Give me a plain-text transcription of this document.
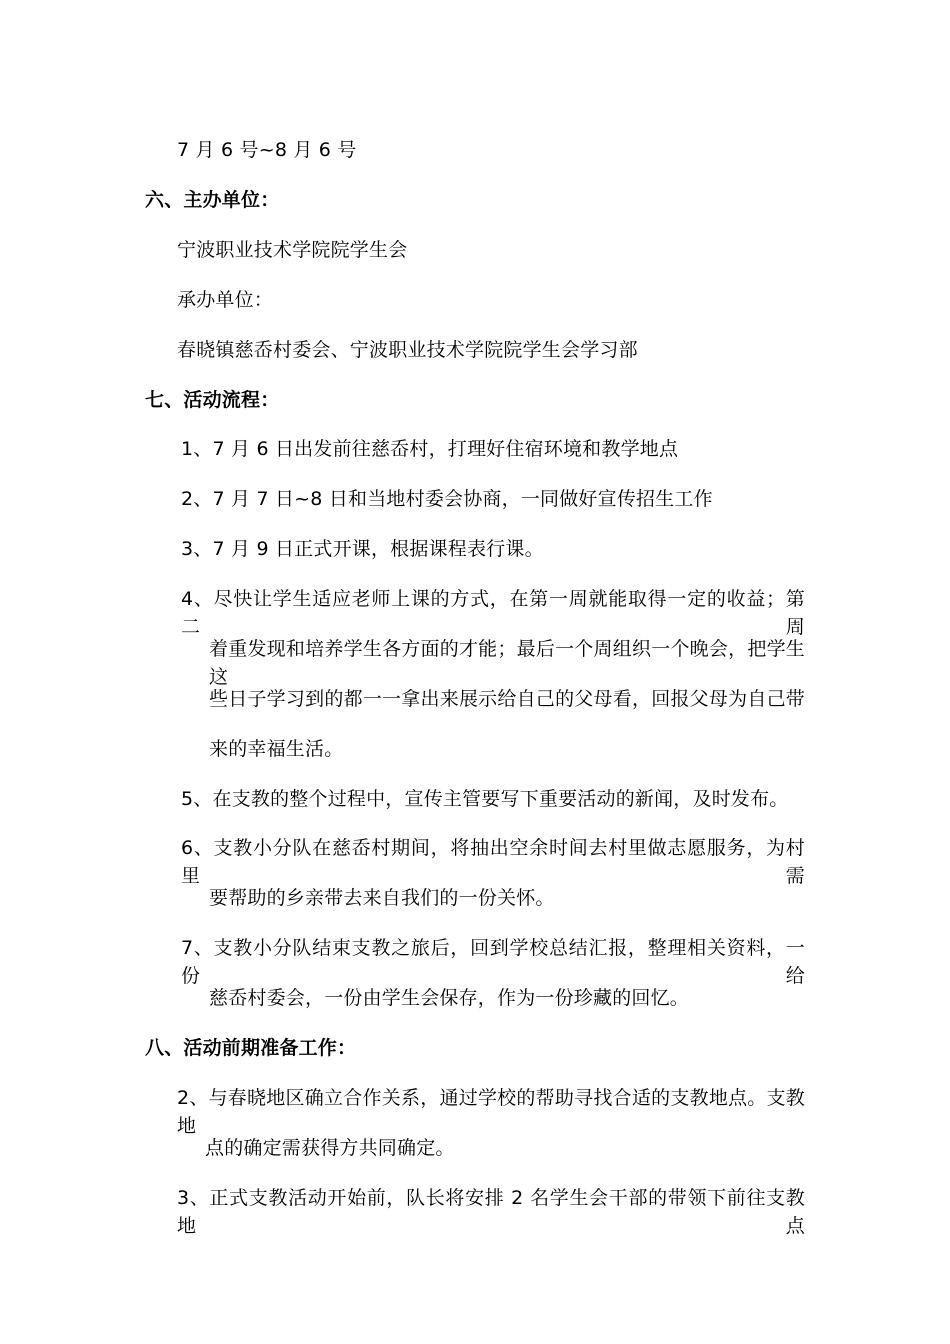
7 月 6 号~8 月 6 号
六、主办单位：
宁波职业技术学院院学生会
承办单位：
春晓镇慈岙村委会、宁波职业技术学院院学生会学习部
七、活动流程：
1、7 月 6 日出发前往慈岙村，打理好住宿环境和教学地点
2、7 月 7 日~8 日和当地村委会协商，一同做好宣传招生工作
3、7 月 9 日正式开课，根据课程表行课。
4、尽快让学生适应老师上课的方式，在第一周就能取得一定的收益；第二周
着重发现和培养学生各方面的才能；最后一个周组织一个晚会，把学生这
些日子学习到的都一一拿出来展示给自己的父母看，回报父母为自己带
来的幸福生活。
5、在支教的整个过程中，宣传主管要写下重要活动的新闻，及时发布。
6、支教小分队在慈岙村期间，将抽出空余时间去村里做志愿服务，为村里需
要帮助的乡亲带去来自我们的一份关怀。
7、支教小分队结束支教之旅后，回到学校总结汇报，整理相关资料，一份给
慈岙村委会，一份由学生会保存，作为一份珍藏的回忆。
八、活动前期准备工作：
2、与春晓地区确立合作关系，通过学校的帮助寻找合适的支教地点。支教地
点的确定需获得方共同确定。
3、正式支教活动开始前，队长将安排 2 名学生会干部的带领下前往支教地点
